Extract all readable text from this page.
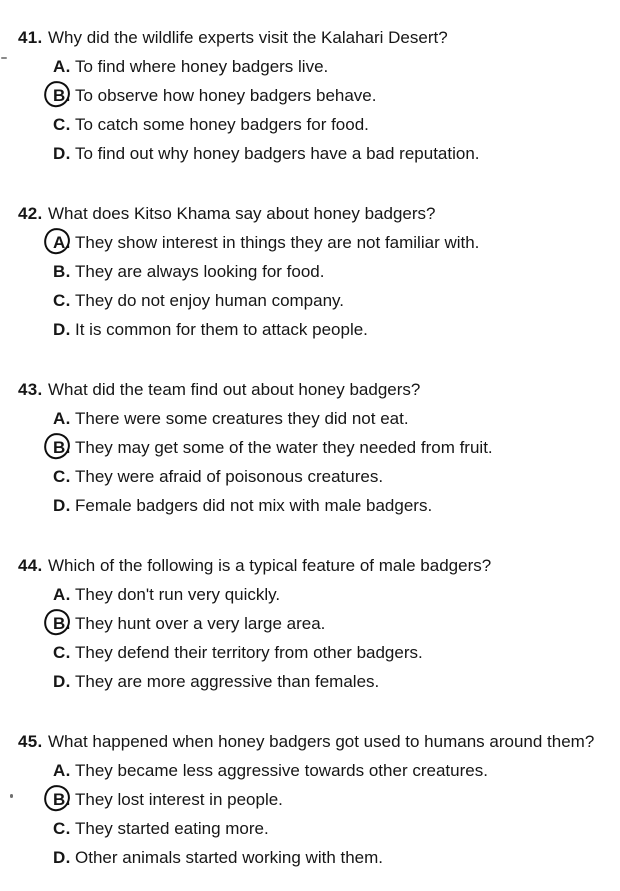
41. Why did the wildlife experts visit the Kalahari Desert?
A. To find where honey badgers live.
B. To observe how honey badgers behave.
C. To catch some honey badgers for food.
D. To find out why honey badgers have a bad reputation.
42. What does Kitso Khama say about honey badgers?
A. They show interest in things they are not familiar with.
B. They are always looking for food.
C. They do not enjoy human company.
D. It is common for them to attack people.
43. What did the team find out about honey badgers?
A. There were some creatures they did not eat.
B. They may get some of the water they needed from fruit.
C. They were afraid of poisonous creatures.
D. Female badgers did not mix with male badgers.
44. Which of the following is a typical feature of male badgers?
A. They don't run very quickly.
B. They hunt over a very large area.
C. They defend their territory from other badgers.
D. They are more aggressive than females.
45. What happened when honey badgers got used to humans around them?
A. They became less aggressive towards other creatures.
B. They lost interest in people.
C. They started eating more.
D. Other animals started working with them.
